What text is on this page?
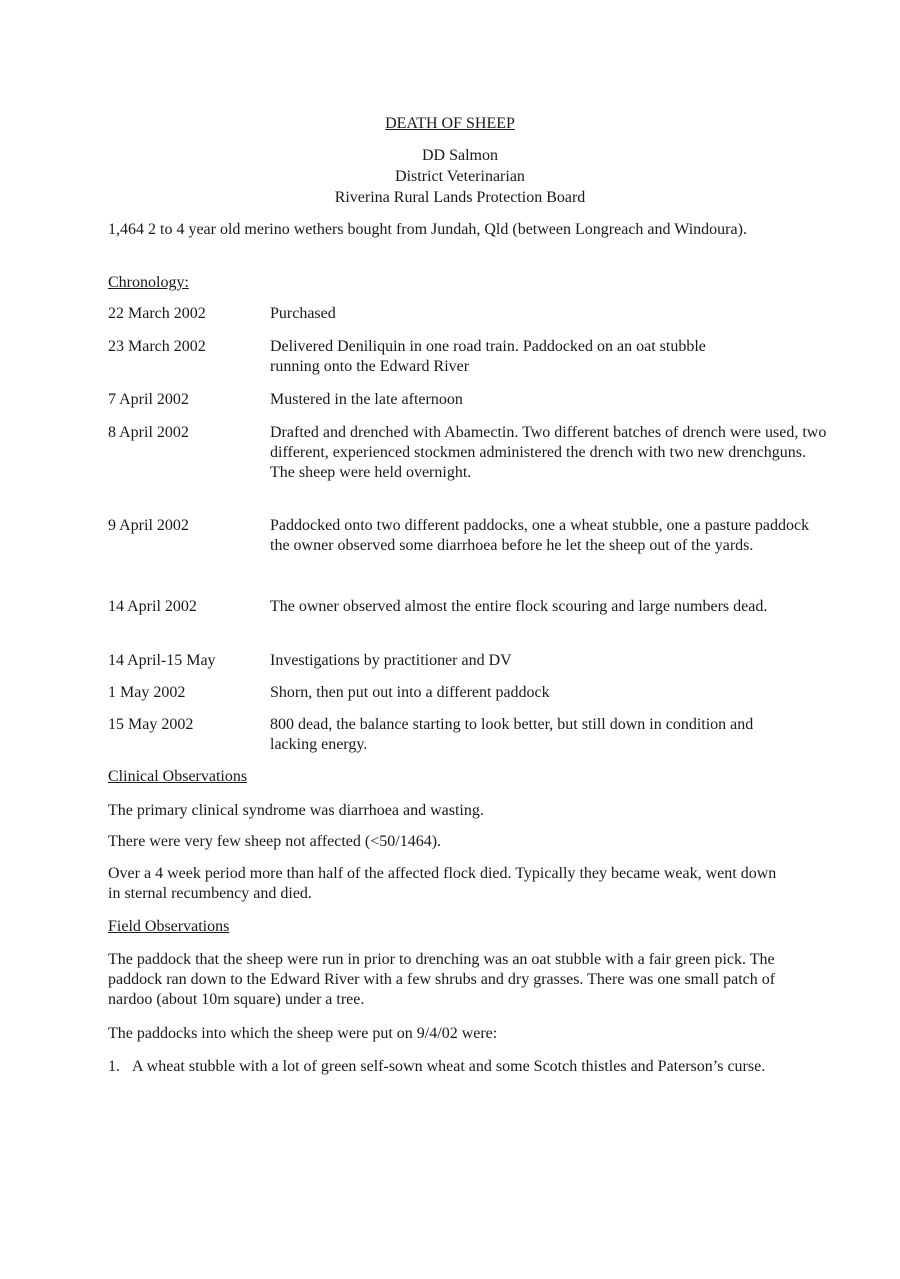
DEATH OF SHEEP
DD Salmon
District Veterinarian
Riverina Rural Lands Protection Board
1,464 2 to 4 year old merino wethers bought from Jundah, Qld (between Longreach and Windoura).
Chronology:
22 March 2002	Purchased
23 March 2002	Delivered Deniliquin in one road train. Paddocked on an oat stubble running onto the Edward River
7 April 2002	Mustered in the late afternoon
8 April 2002	Drafted and drenched with Abamectin. Two different batches of drench were used, two different, experienced stockmen administered the drench with two new drenchguns. The sheep were held overnight.
9 April 2002	Paddocked onto two different paddocks, one a wheat stubble, one a pasture paddock the owner observed some diarrhoea before he let the sheep out of the yards.
14 April 2002	The owner observed almost the entire flock scouring and large numbers dead.
14 April-15 May	Investigations by practitioner and DV
1 May 2002	Shorn, then put out into a different paddock
15 May 2002	800 dead, the balance starting to look better, but still down in condition and lacking energy.
Clinical Observations
The primary clinical syndrome was diarrhoea and wasting.
There were very few sheep not affected (<50/1464).
Over a 4 week period more than half of the affected flock died. Typically they became weak, went down in sternal recumbency and died.
Field Observations
The paddock that the sheep were run in prior to drenching was an oat stubble with a fair green pick. The paddock ran down to the Edward River with a few shrubs and dry grasses. There was one small patch of nardoo (about 10m square) under a tree.
The paddocks into which the sheep were put on 9/4/02 were:
1. A wheat stubble with a lot of green self-sown wheat and some Scotch thistles and Paterson’s curse.
